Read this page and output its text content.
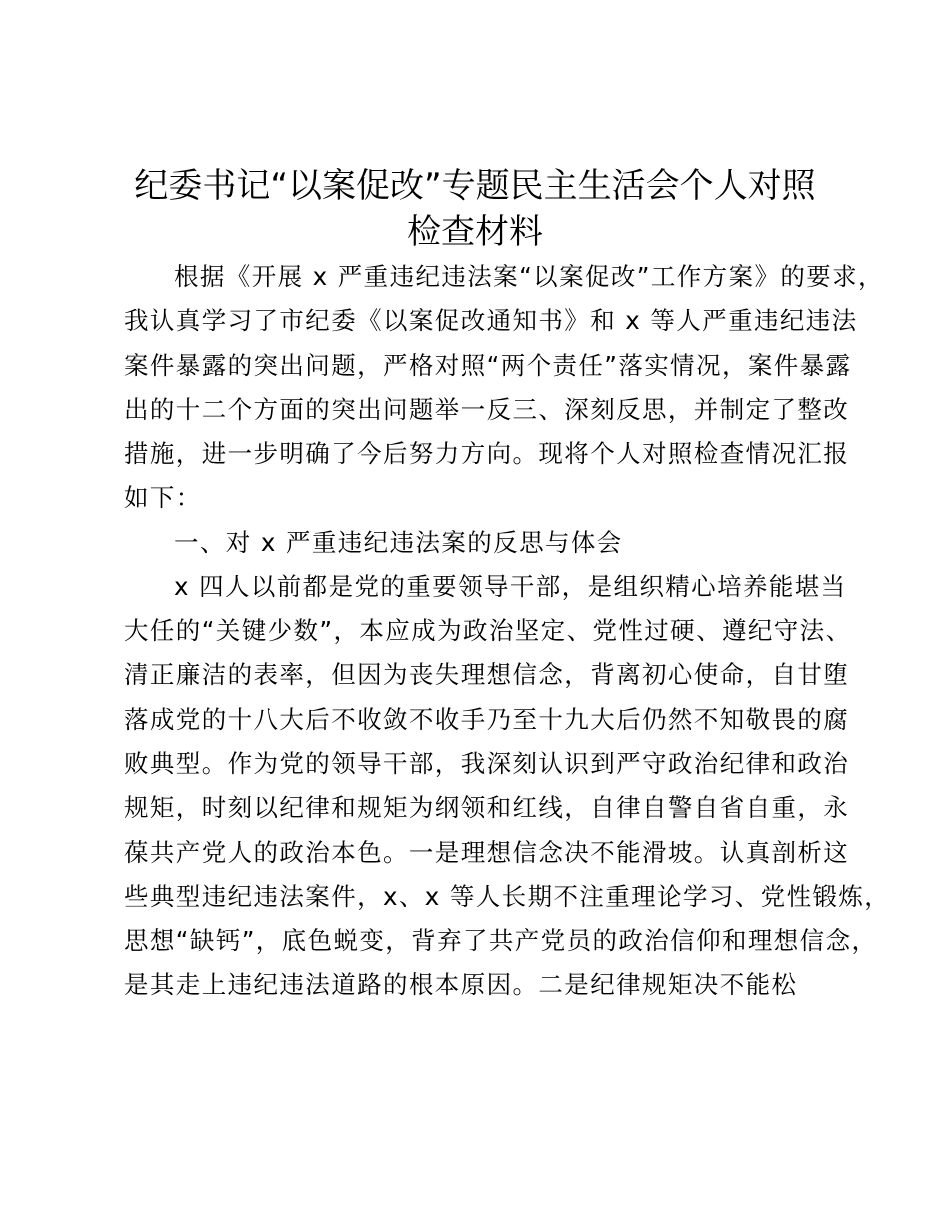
纪委书记“以案促改”专题民主生活会个人对照
检查材料
根据《开展 x 严重违纪违法案“以案促改”工作方案》的要求，
我认真学习了市纪委《以案促改通知书》和 x 等人严重违纪违法
案件暴露的突出问题，严格对照“两个责任”落实情况，案件暴露
出的十二个方面的突出问题举一反三、深刻反思，并制定了整改
措施，进一步明确了今后努力方向。现将个人对照检查情况汇报
如下：
一、对 x 严重违纪违法案的反思与体会
x 四人以前都是党的重要领导干部，是组织精心培养能堪当
大任的“关键少数”，本应成为政治坚定、党性过硬、遵纪守法、
清正廉洁的表率，但因为丧失理想信念，背离初心使命，自甘堕
落成党的十八大后不收敛不收手乃至十九大后仍然不知敬畏的腐
败典型。作为党的领导干部，我深刻认识到严守政治纪律和政治
规矩，时刻以纪律和规矩为纲领和红线，自律自警自省自重，永
葆共产党人的政治本色。一是理想信念决不能滑坡。认真剖析这
些典型违纪违法案件，x、x 等人长期不注重理论学习、党性锻炼，
思想“缺钙”，底色蜕变，背弃了共产党员的政治信仰和理想信念，
是其走上违纪违法道路的根本原因。二是纪律规矩决不能松
